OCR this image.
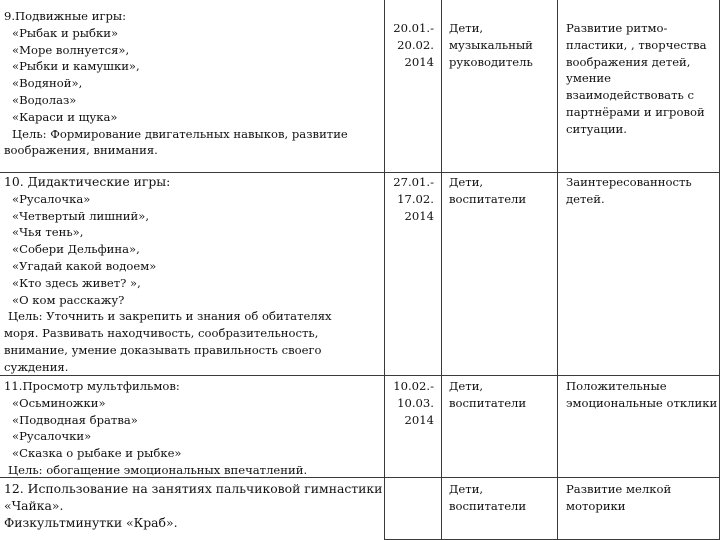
9.Подвижные игры:
«Рыбак и рыбки»
«Море волнуется»,
«Рыбки и камушки»,
«Водяной»,
«Водолаз»
«Караси и щука»
Цель: Формирование двигательных навыков, развитие
воображения, внимания.
20.01.-
20.02.
2014
Дети,
музыкальный
руководитель
Развитие ритмо-
пластики, , творчества
воображения детей,
умение
взаимодействовать с
партнёрами и игровой
ситуации.
10. Дидактические игры:
«Русалочка»
«Четвертый лишний»,
«Чья тень»,
«Собери Дельфина»,
«Угадай какой водоем»
«Кто здесь живет? »,
«О ком расскажу?
Цель: Уточнить и закрепить и знания об обитателях
моря. Развивать находчивость, сообразительность,
внимание, умение доказывать правильность своего
суждения.
27.01.-
17.02.
2014
Дети,
воспитатели
Заинтересованность
детей.
11.Просмотр мультфильмов:
«Осьминожки»
«Подводная братва»
«Русалочки»
«Сказка о рыбаке и рыбке»
Цель: обогащение эмоциональных впечатлений.
10.02.-
10.03.
2014
Дети,
воспитатели
Положительные
эмоциональные отклики
12. Использование на занятиях пальчиковой гимнастики
«Чайка».
Физкультминутки «Краб».
Дети,
воспитатели
Развитие мелкой
моторики
